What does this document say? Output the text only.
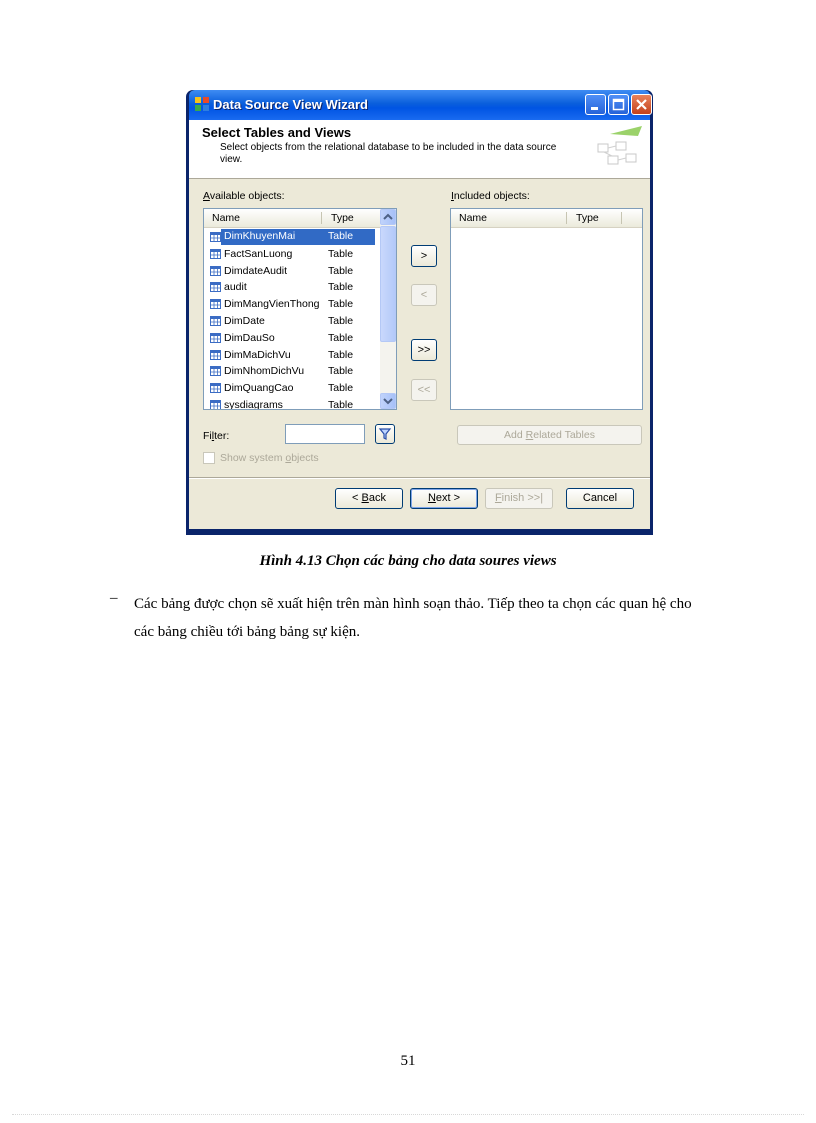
Data Source View Wizard
Select Tables and Views
Select objects from the relational database to be included in the data source view.
Available objects:
Name	Type
DimKhuyenMai	Table
FactSanLuong	Table
DimdateAudit	Table
audit	Table
DimMangVienThong Table
DimDate	Table
DimDauSo	Table
DimMaDichVu	Table
DimNhomDichVu Table
DimQuangCao	Table
sysdiagrams	Table
>
<
>>
<<
Included objects:
Name	Type
Filter:	Add Related Tables
Show system objects
< Back	Next >	Finish >>|	Cancel
Hình 4.13 Chọn các bảng cho data soures views
– Các bảng được chọn sẽ xuất hiện trên màn hình soạn thảo. Tiếp theo ta chọn các quan hệ cho các bảng chiều tới bảng bảng sự kiện.
51
